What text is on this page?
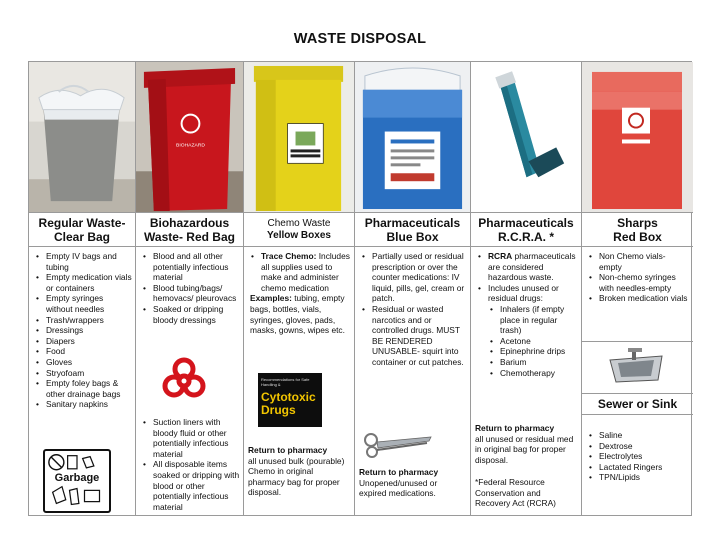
WASTE DISPOSAL
Regular Waste-
Clear Bag
• Empty IV bags and tubing
• Empty medication vials or containers
• Empty syringes without needles
• Trash/wrappers
• Dressings
• Diapers
• Food
• Gloves
• Stryofoam
• Empty foley bags & other drainage bags
• Sanitary napkins
Garbage
BIOHAZARD
Biohazardous
Waste- Red Bag
• Blood and all other potentially infectious material
• Blood tubing/bags/ hemovacs/ pleurovacs
• Soaked or dripping bloody dressings
• Suction liners with bloody fluid or other potentially infectious material
• All disposable items soaked or dripping with blood or other potentially infectious material
Chemo Waste
Yellow Boxes
• Trace Chemo: Includes all supplies used to make and administer chemo medication
Examples: tubing, empty bags, bottles, vials, syringes, gloves, pads, masks, gowns, wipes etc.
Recommendations for Safe Handling &
Cytotoxic Drugs
Return to pharmacy
all unused bulk (pourable) Chemo in original pharmacy bag for proper disposal.
Pharmaceuticals
Blue Box
• Partially used or residual prescription or over the counter medications: IV liquid, pills, gel, cream or patch.
• Residual or wasted narcotics and or controlled drugs. MUST BE RENDERED UNUSABLE- squirt into container or cut patches.
Return to pharmacy
Unopened/unused or expired medications.
Pharmaceuticals
R.C.R.A. *
• RCRA pharmaceuticals are considered hazardous waste.
• Includes unused or residual drugs:
• Inhalers (if empty place in regular trash)
• Acetone
• Epinephrine drips
• Barium
• Chemotherapy
Return to pharmacy
all unused or residual med in original bag for proper disposal.
*Federal Resource Conservation and Recovery Act (RCRA)
Sharps
Red Box
• Non Chemo vials- empty
• Non-chemo syringes with needles-empty
• Broken medication vials
Sewer or Sink
• Saline
• Dextrose
• Electrolytes
• Lactated Ringers
• TPN/Lipids
